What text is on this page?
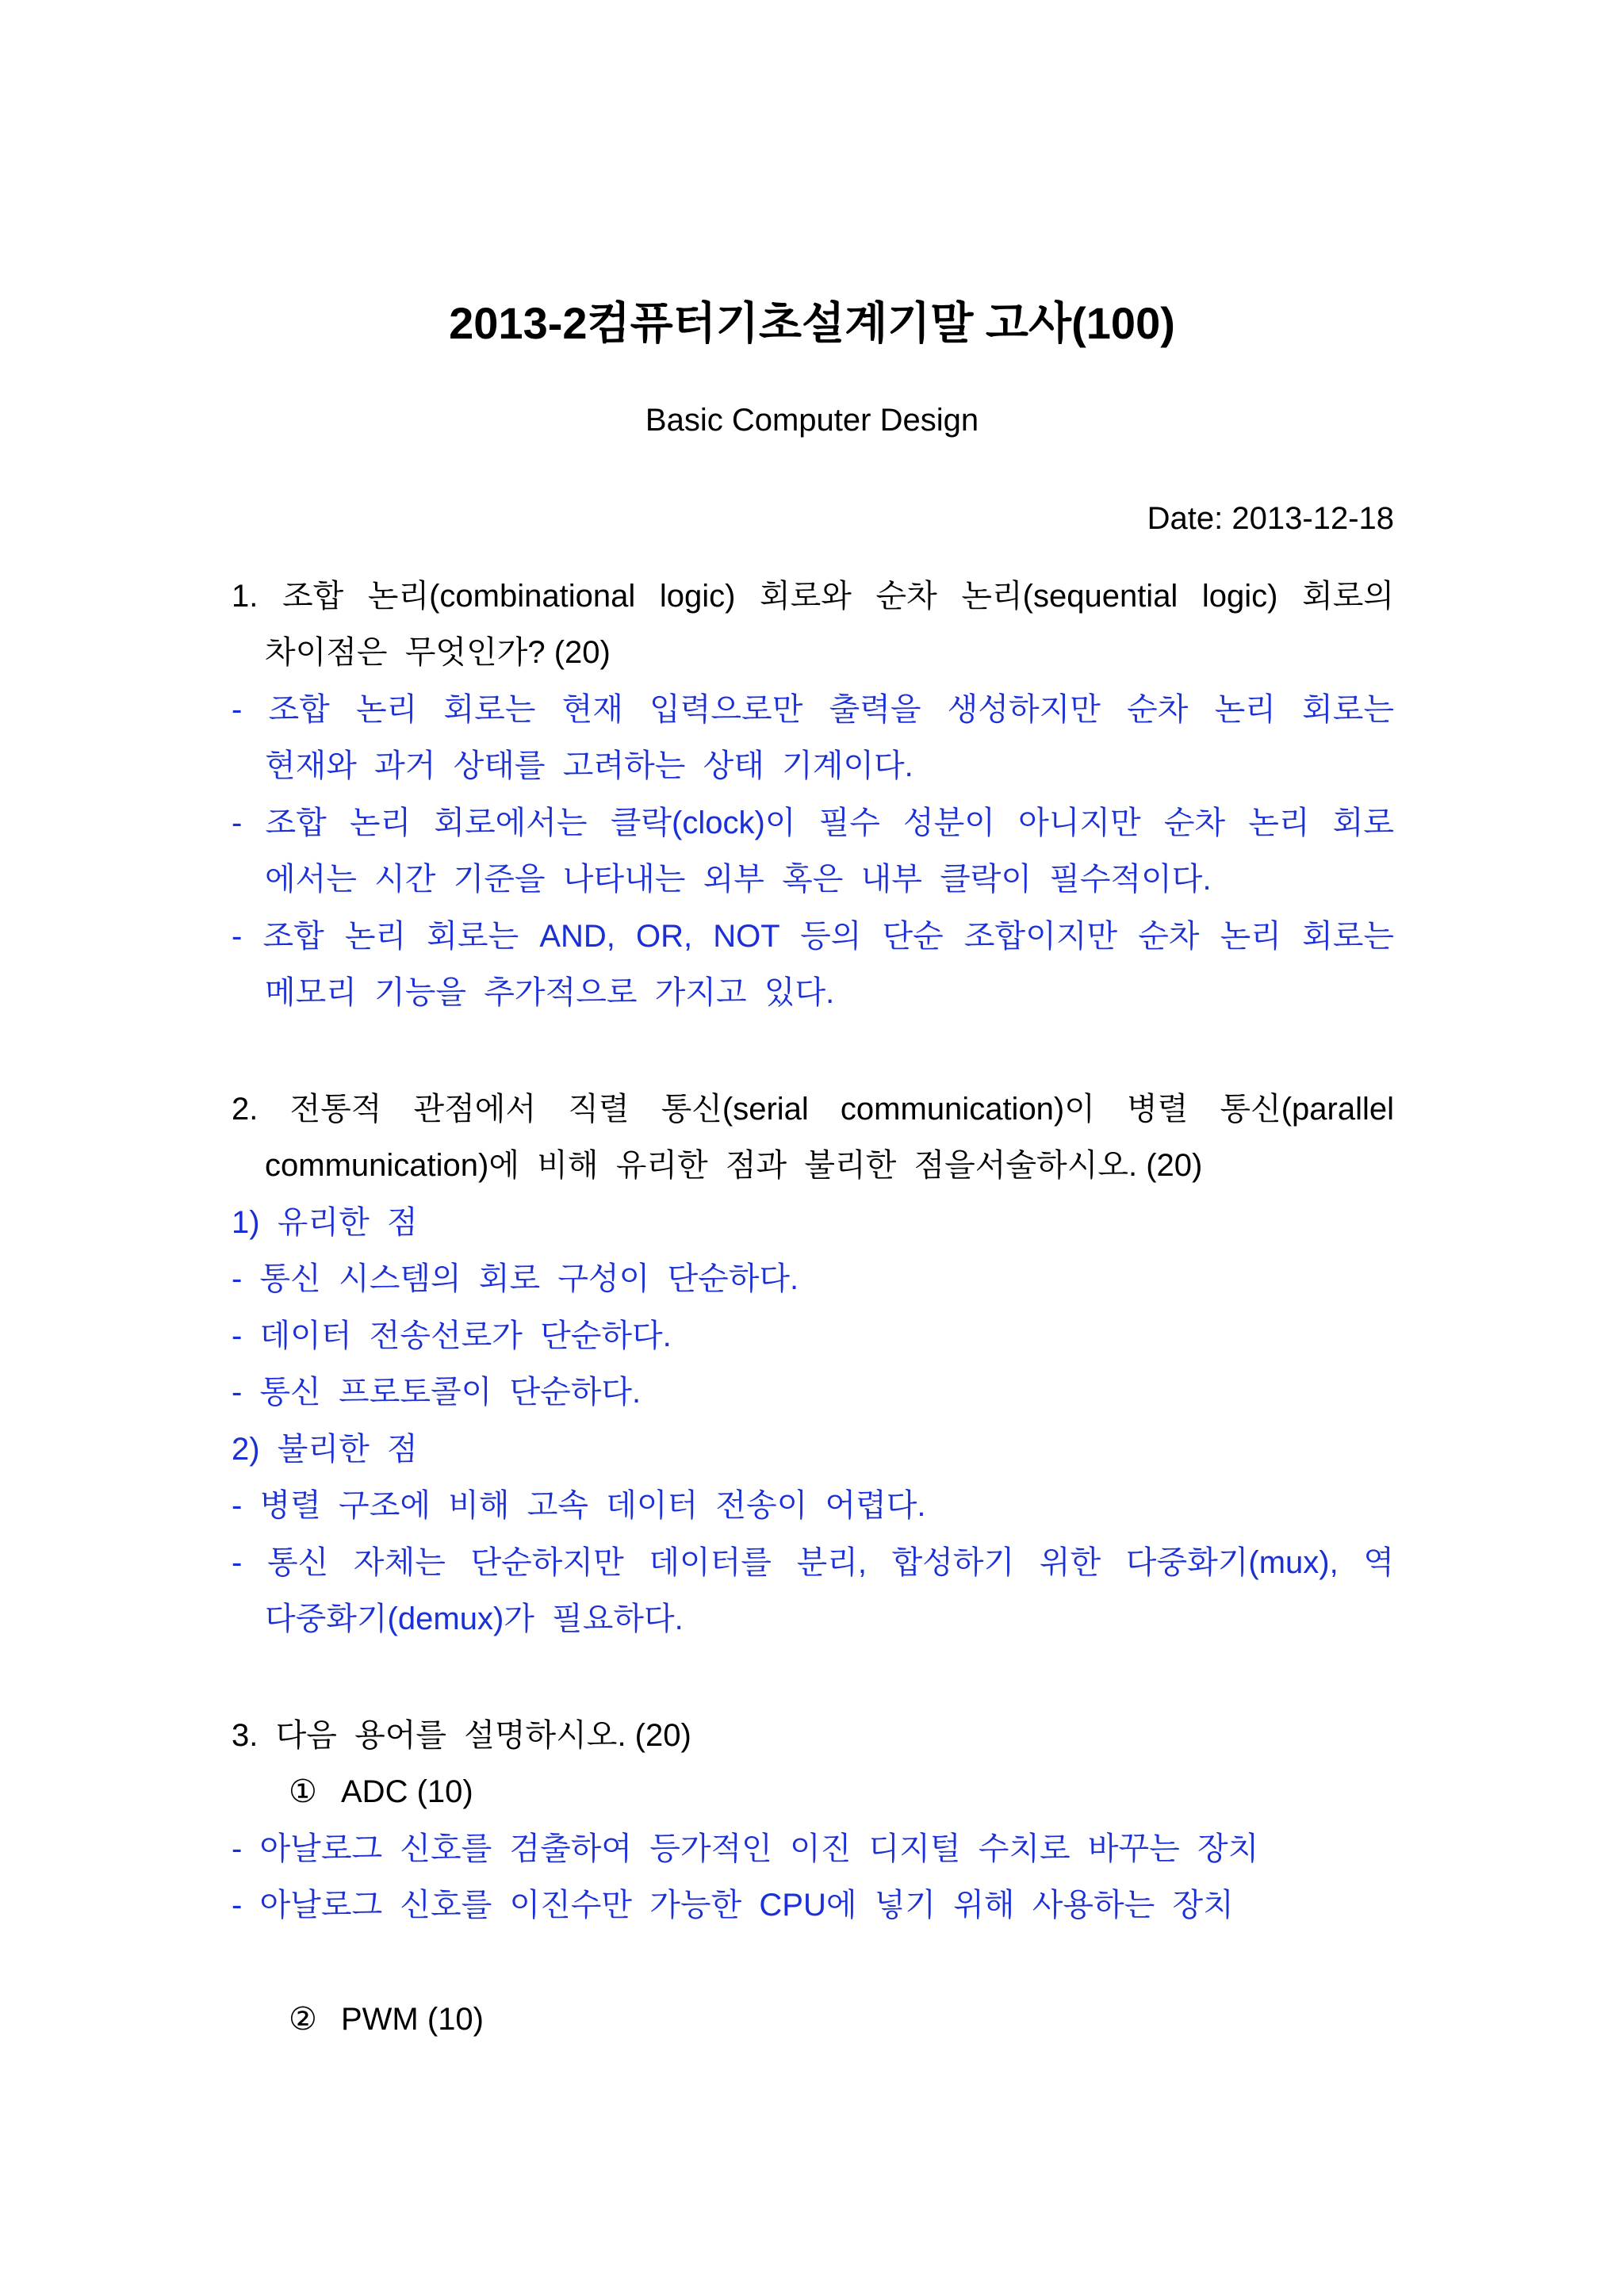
2013-2컴퓨터기초설계기말 고사(100)
Basic Computer Design
Date: 2013-12-18
1. 조합 논리(combinational logic) 회로와 순차 논리(sequential logic) 회로의
차이점은  무엇인가? (20)
- 조합 논리 회로는 현재 입력으로만 출력을 생성하지만 순차 논리 회로는
현재와  과거  상태를  고려하는  상태  기계이다.
- 조합 논리 회로에서는 클락(clock)이 필수 성분이 아니지만 순차 논리 회로
에서는  시간  기준을  나타내는  외부  혹은  내부  클락이  필수적이다.
- 조합 논리 회로는 AND, OR, NOT 등의 단순 조합이지만 순차 논리 회로는
메모리  기능을  추가적으로  가지고  있다.
2. 전통적 관점에서 직렬 통신(serial communication)이 병렬 통신(parallel
communication)에  비해  유리한  점과  불리한  점을서술하시오. (20)
1)  유리한  점
-  통신  시스템의  회로  구성이  단순하다.
-  데이터  전송선로가  단순하다.
-  통신  프로토콜이  단순하다.
2)  불리한  점
-  병렬  구조에  비해  고속  데이터  전송이  어렵다.
- 통신 자체는 단순하지만 데이터를 분리, 합성하기 위한 다중화기(mux), 역
다중화기(demux)가  필요하다.
3.  다음  용어를  설명하시오. (20)
① ADC (10)
-  아날로그  신호를  검출하여  등가적인  이진  디지털  수치로  바꾸는  장치
-  아날로그  신호를  이진수만  가능한  CPU에  넣기  위해  사용하는  장치
② PWM (10)
